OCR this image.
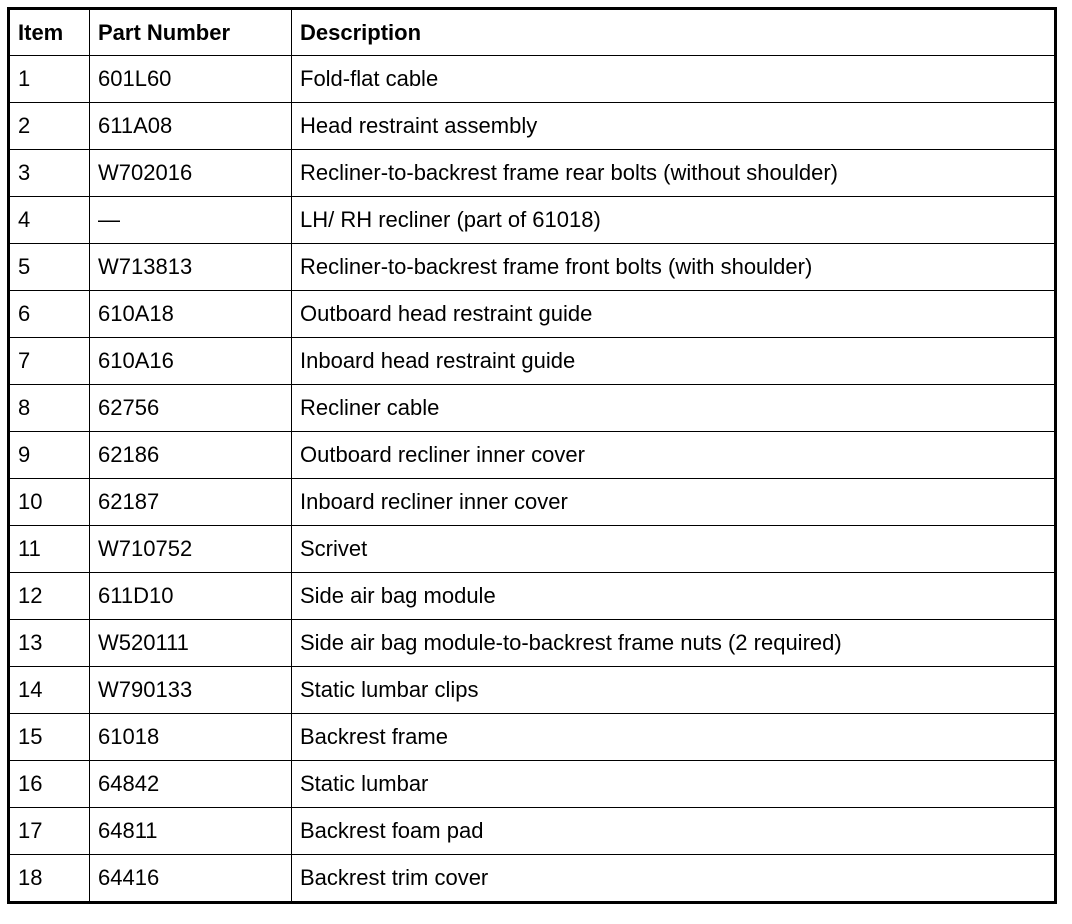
Item	Part Number	Description
1	601L60	Fold-flat cable
2	611A08	Head restraint assembly
3	W702016	Recliner-to-backrest frame rear bolts (without shoulder)
4	—	LH/ RH recliner (part of 61018)
5	W713813	Recliner-to-backrest frame front bolts (with shoulder)
6	610A18	Outboard head restraint guide
7	610A16	Inboard head restraint guide
8	62756	Recliner cable
9	62186	Outboard recliner inner cover
10	62187	Inboard recliner inner cover
11	W710752	Scrivet
12	611D10	Side air bag module
13	W520111	Side air bag module-to-backrest frame nuts (2 required)
14	W790133	Static lumbar clips
15	61018	Backrest frame
16	64842	Static lumbar
17	64811	Backrest foam pad
18	64416	Backrest trim cover
